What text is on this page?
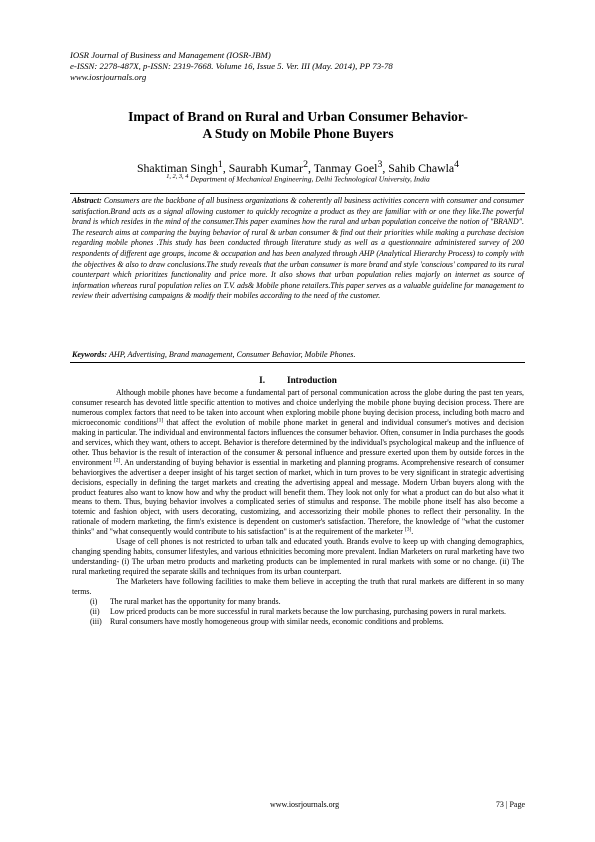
IOSR Journal of Business and Management (IOSR-JBM)
e-ISSN: 2278-487X, p-ISSN: 2319-7668. Volume 16, Issue 5. Ver. III (May. 2014), PP 73-78
www.iosrjournals.org
Impact of Brand on Rural and Urban Consumer Behavior-
A Study on Mobile Phone Buyers
Shaktiman Singh$^1$, Saurabh Kumar$^2$, Tanmay Goel$^3$, Sahib Chawla$^4$
$^{1, 2, 3, 4}$ Department of Mechanical Engineering, Delhi Technological University, India
Abstract: Consumers are the backbone of all business organizations & coherently all business activities concern with consumer and consumer satisfaction.Brand acts as a signal allowing customer to quickly recognize a product as they are familiar with or one they like.The powerful brand is which resides in the mind of the consumer.This paper examines how the rural and urban population conceive the notion of "BRAND". The research aims at comparing the buying behavior of rural & urban consumer & find out their priorities while making a purchase decision regarding mobile phones .This study has been conducted through literature study as well as a questionnaire administered survey of 200 respondents of different age groups, income & occupation and has been analyzed through AHP (Analytical Hierarchy Process) to comply with the objectives & also to draw conclusions.The study reveals that the urban consumer is more brand and style 'conscious' compared to its rural counterpart which prioritizes functionality and price more. It also shows that urban population relies majorly on internet as source of information whereas rural population relies on T.V. ads& Mobile phone retailers.This paper serves as a valuable guideline for management to review their advertising campaigns & modify their mobiles according to the need of the customer.
Keywords: AHP, Advertising, Brand management, Consumer Behavior, Mobile Phones.
I. Introduction

Although mobile phones have become a fundamental part of personal communication across the globe during the past ten years, consumer research has devoted little specific attention to motives and choice underlying the mobile phone buying decision process. There are numerous complex factors that need to be taken into account when exploring mobile phone buying decision process, including both macro and microeconomic conditions[1] that affect the evolution of mobile phone market in general and individual consumer's motives and decision making in particular. The individual and environmental factors influences the consumer behavior. Often, consumer in India purchases the goods and services, which they want, others to accept. Behavior is therefore determined by the individual's psychological makeup and the influence of other. Thus behavior is the result of interaction of the consumer & personal influence and pressure exerted upon them by outside forces in the environment [2]. An understanding of buying behavior is essential in marketing and planning programs. Acomprehensive research of consumer behaviorgives the advertiser a deeper insight of his target section of market, which in turn proves to be very significant in strategic advertising decisions, especially in defining the target markets and creating the advertising appeal and message. Modern Urban buyers along with the product features also want to know how and why the product will benefit them. They look not only for what a product can do but also what it means to them. Thus, buying behavior involves a complicated series of stimulus and response. The mobile phone itself has also become a totemic and fashion object, with users decorating, customizing, and accessorizing their mobile phones to reflect their personality. In the rationale of modern marketing, the firm's existence is dependent on customer's satisfaction. Therefore, the knowledge of "what the customer thinks" and "what consequently would contribute to his satisfaction" is at the requirement of the marketer [3].

Usage of cell phones is not restricted to urban talk and educated youth. Brands evolve to keep up with changing demographics, changing spending habits, consumer lifestyles, and various ethnicities becoming more prevalent. Indian Marketers on rural marketing have two understanding- (i) The urban metro products and marketing products can be implemented in rural markets with some or no change. (ii) The rural marketing required the separate skills and techniques from its urban counterpart.

The Marketers have following facilities to make them believe in accepting the truth that rural markets are different in so many terms.

(i) The rural market has the opportunity for many brands.
(ii) Low priced products can be more successful in rural markets because the low purchasing, purchasing powers in rural markets.
(iii) Rural consumers have mostly homogeneous group with similar needs, economic conditions and problems.
www.iosrjournals.org	73 | Page
